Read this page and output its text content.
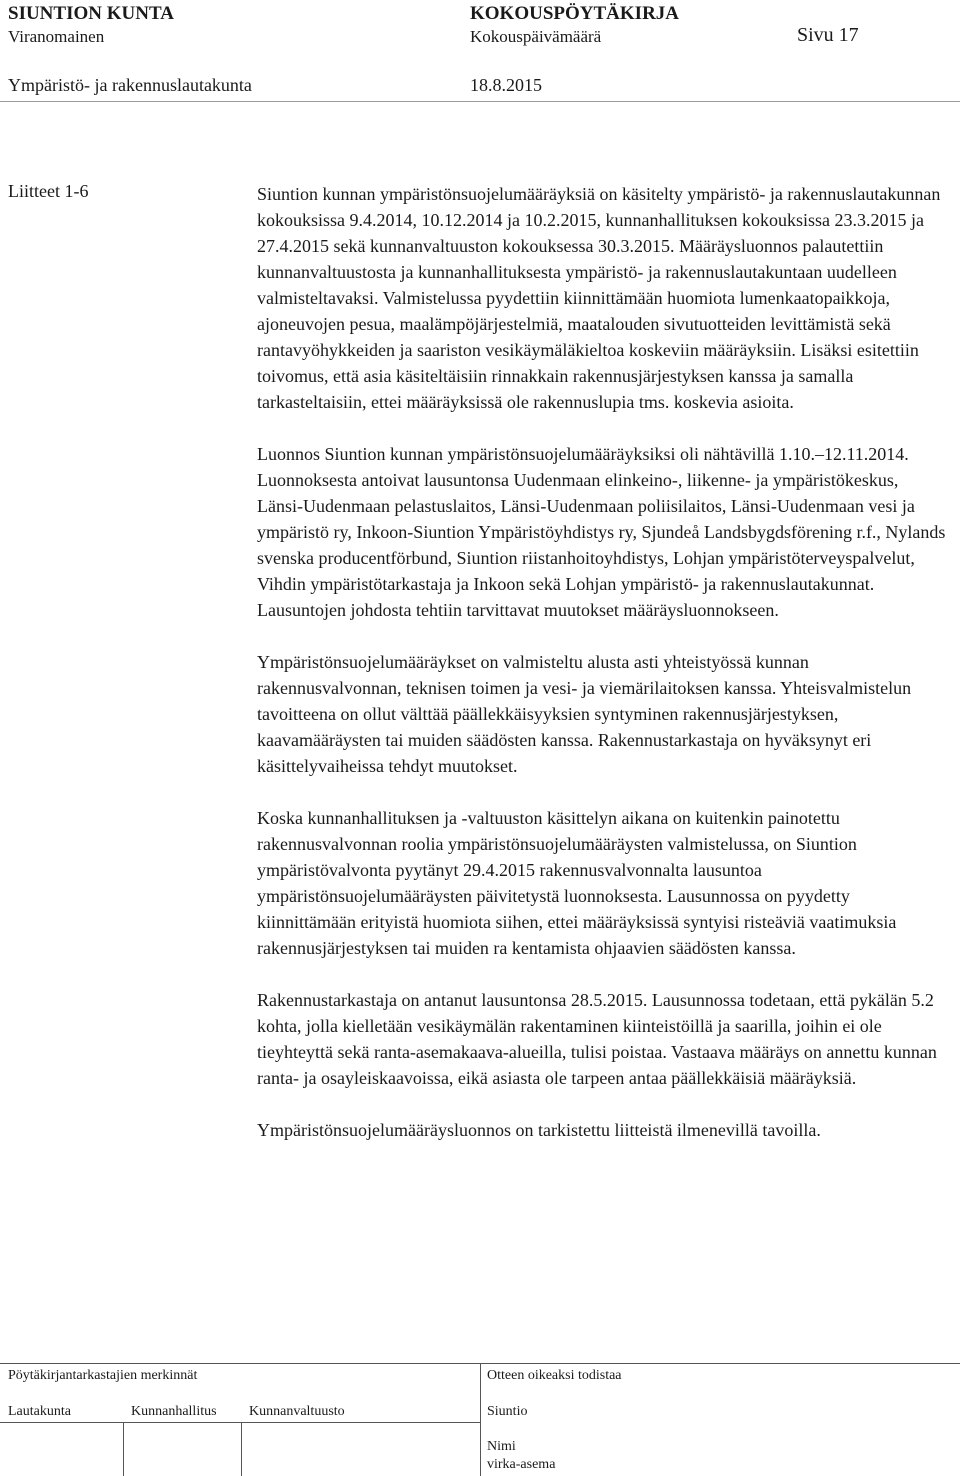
SIUNTION KUNTA	KOKOUSPÖYTÄKIRJA
Viranomainen	Kokouspäivämäärä	Sivu 17
Ympäristö- ja rakennuslautakunta	18.8.2015
Liitteet 1-6	Siuntion kunnan ympäristönsuojelumääräyksiä on käsitelty ympäristö- ja rakennuslautakunnan kokouksissa 9.4.2014, 10.12.2014 ja 10.2.2015, kunnanhallituksen kokouksissa 23.3.2015 ja 27.4.2015 sekä kunnanvaltuuston kokouksessa 30.3.2015. Määräysluonnos palautettiin kunnanvaltuustosta ja kunnanhallituksesta ympäristö- ja rakennuslautakuntaan uudelleen valmisteltavaksi. Valmistelussa pyydettiin kiinnittämään huomiota lumenkaatopaikkoja, ajoneuvojen pesua, maalämpöjärjestelmiä, maatalouden sivutuotteiden levittämistä sekä rantavyöhykkeiden ja saariston vesikäymäläkieltoa koskeviin määräyksiin. Lisäksi esitettiin toivomus, että asia käsiteltäisiin rinnakkain rakennusjärjestyksen kanssa ja samalla tarkasteltaisiin, ettei määräyksissä ole rakennuslupia tms. koskevia asioita.

Luonnos Siuntion kunnan ympäristönsuojelumääräyksiksi oli nähtävillä 1.10.–12.11.2014. Luonnoksesta antoivat lausuntonsa Uudenmaan elinkeino-, liikenne- ja ympäristökeskus, Länsi-Uudenmaan pelastuslaitos, Länsi-Uudenmaan poliisilaitos, Länsi-Uudenmaan vesi ja ympäristö ry, Inkoon-Siuntion Ympäristöyhdistys ry, Sjundeå Landsbygdsförening r.f., Nylands svenska producentförbund, Siuntion riistanhoitoyhdistys, Lohjan ympäristöterveyspalvelut, Vihdin ympäristötarkastaja ja Inkoon sekä Lohjan ympäristö- ja rakennuslautakunnat. Lausuntojen johdosta tehtiin tarvittavat muutokset määräysluonnokseen.

Ympäristönsuojelumääräykset on valmisteltu alusta asti yhteistyössä kunnan rakennusvalvonnan, teknisen toimen ja vesi- ja viemärilaitoksen kanssa. Yhteisvalmistelun tavoitteena on ollut välttää päällekkäisyyksien syntyminen rakennusjärjestyksen, kaavamääräysten tai muiden säädösten kanssa. Rakennustarkastaja on hyväksynyt eri käsittelyvaiheissa tehdyt muutokset.

Koska kunnanhallituksen ja -valtuuston käsittelyn aikana on kuitenkin painotettu rakennusvalvonnan roolia ympäristönsuojelumääräysten valmistelussa, on Siuntion ympäristövalvonta pyytänyt 29.4.2015 rakennusvalvonnalta lausuntoa ympäristönsuojelumääräysten päivitetystä luonnoksesta. Lausunnossa on pyydetty kiinnittämään erityistä huomiota siihen, ettei määräyksissä syntyisi risteäviä vaatimuksia rakennusjärjestyksen tai muiden ra kentamista ohjaavien säädösten kanssa.

Rakennustarkastaja on antanut lausuntonsa 28.5.2015. Lausunnossa todetaan, että pykälän 5.2 kohta, jolla kielletään vesikäymälän rakentaminen kiinteistöillä ja saarilla, joihin ei ole tieyhteyttä sekä ranta-asemakaava-alueilla, tulisi poistaa. Vastaava määräys on annettu kunnan ranta- ja osayleiskaavoissa, eikä asiasta ole tarpeen antaa päällekkäisiä määräyksiä.

Ympäristönsuojelumääräysluonnos on tarkistettu liitteistä ilmenevillä tavoilla.

Pöytäkirjantarkastajien merkinnät	Otteen oikeaksi todistaa
Lautakunta	Kunnanhallitus Kunnanvaltuusto	Siuntio
Nimi
virka-asema
